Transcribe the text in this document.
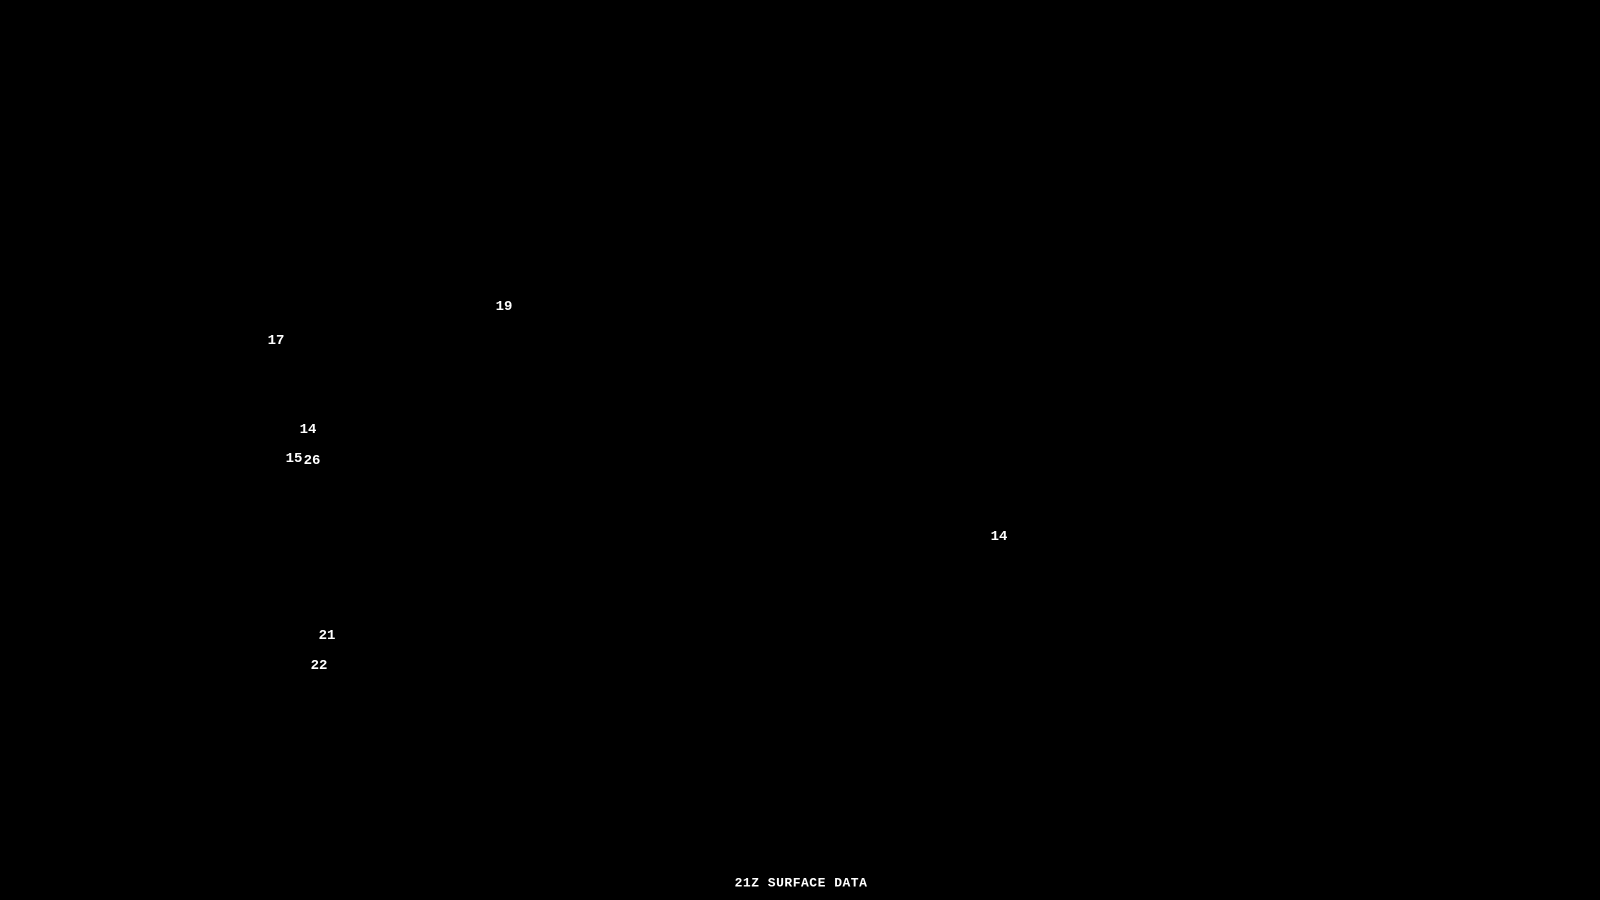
19
17
14
15 26
14
21
22
21Z SURFACE DATA
